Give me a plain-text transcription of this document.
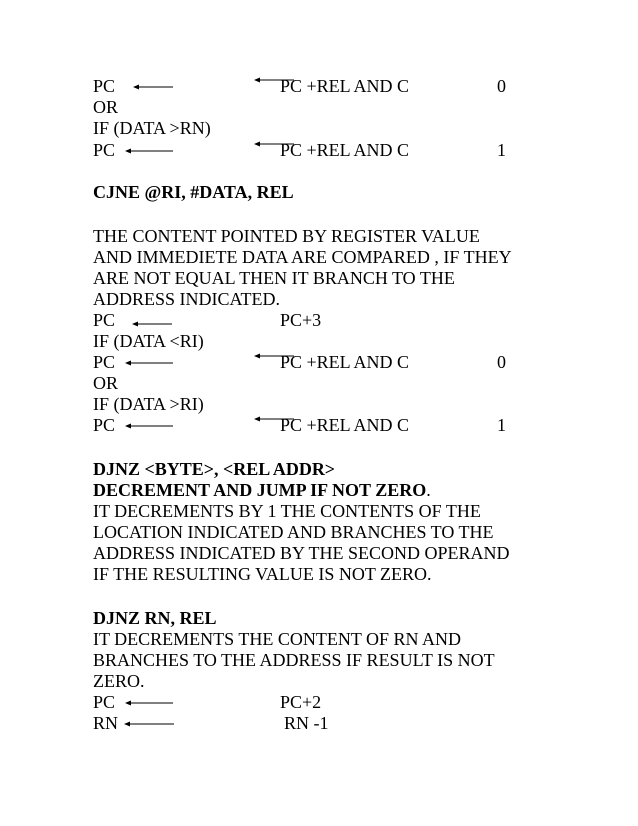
PC	PC +REL AND C	0
OR
IF (DATA >RN)
PC	PC +REL AND C	1
CJNE @RI, #DATA, REL
THE CONTENT POINTED BY REGISTER VALUE
AND IMMEDIETE DATA ARE COMPARED , IF THEY
ARE NOT EQUAL THEN IT BRANCH TO THE
ADDRESS INDICATED.
PC	PC+3
IF (DATA <RI)
PC	PC +REL AND C	0
OR
IF (DATA >RI)
PC	PC +REL AND C	1
DJNZ <BYTE>, <REL ADDR>
DECREMENT AND JUMP IF NOT ZERO.
IT DECREMENTS BY 1 THE CONTENTS OF THE
LOCATION INDICATED AND BRANCHES TO THE
ADDRESS INDICATED BY THE SECOND OPERAND
IF THE RESULTING VALUE IS NOT ZERO.
DJNZ RN, REL
IT DECREMENTS THE CONTENT OF RN AND
BRANCHES TO THE ADDRESS IF RESULT IS NOT
ZERO.
PC	PC+2
RN	RN -1
